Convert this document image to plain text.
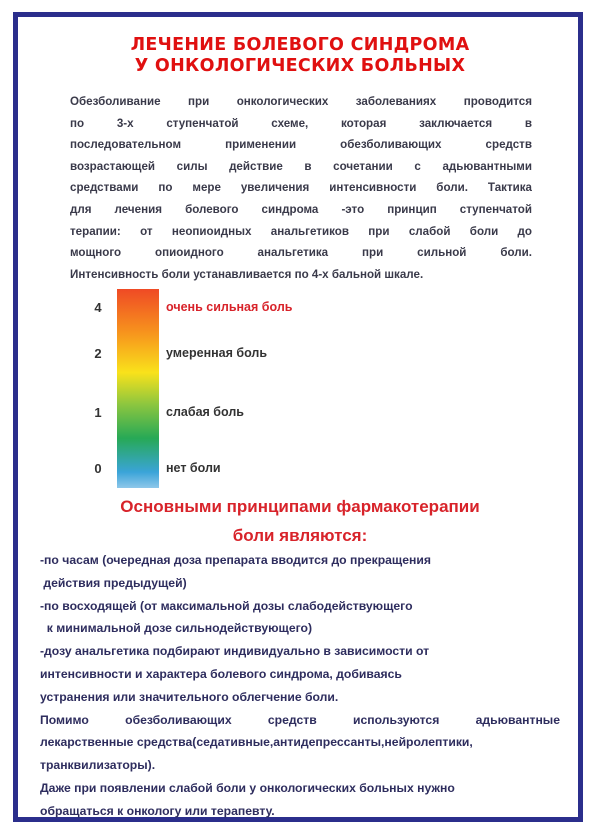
ЛЕЧЕНИЕ БОЛЕВОГО СИНДРОМА
У ОНКОЛОГИЧЕСКИХ БОЛЬНЫХ
Обезболивание при онкологических заболеваниях проводится
по 3-х ступенчатой схеме, которая заключается в
последовательном применении обезболивающих средств
возрастающей силы действие в сочетании с адьювантными
средствами по мере увеличения интенсивности боли. Тактика
для лечения болевого синдрома -это принцип ступенчатой
терапии: от неопиоидных анальгетиков при слабой боли до
мощного опиоидного анальгетика при сильной боли.
Интенсивность боли устанавливается по 4-х бальной шкале.
4	очень сильная боль
2	умеренная боль
1	слабая боль
0	нет боли
Основными принципами фармакотерапии
боли являются:
-по часам (очередная доза препарата вводится до прекращения
действия предыдущей)
-по восходящей (от максимальной дозы слабодействующего
к минимальной дозе сильнодействующего)
-дозу анальгетика подбирают индивидуально в зависимости от
интенсивности и характера болевого синдрома, добиваясь
устранения или значительного облегчение боли.
Помимо обезболивающих средств используются адьювантные
лекарственные средства(седативные,антидепрессанты,нейролептики,
транквилизаторы).
Даже при появлении слабой боли у онкологических больных нужно
обращаться к онкологу или терапевту.
